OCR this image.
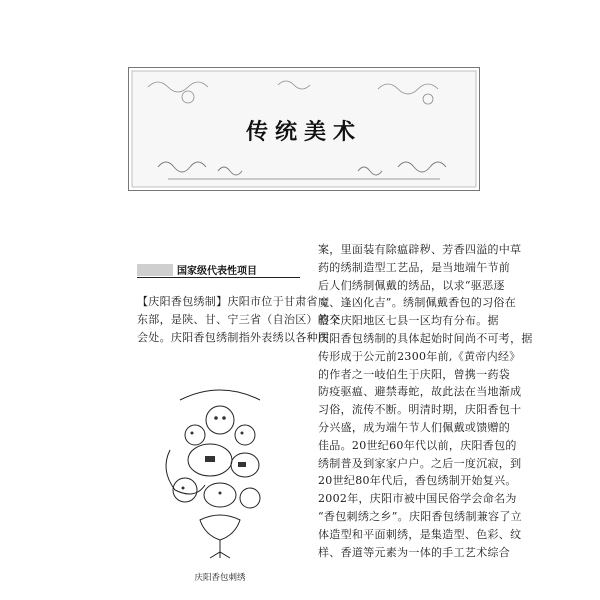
传统美术
国家级代表性项目
【庆阳香包绣制】庆阳市位于甘肃省
东部，是陕、甘、宁三省（自治区）的交
会处。庆阳香包绣制指外表绣以各种图
庆阳香包刺绣
案，里面装有除瘟辟秽、芳香四溢的中草
药的绣制造型工艺品，是当地端午节前
后人们绣制佩戴的绣品，以求“驱恶逐
魔、逢凶化吉”。绣制佩戴香包的习俗在
整个庆阳地区七县一区均有分布。据
庆阳香包绣制的具体起始时间尚不可考，据
传形成于公元前2300年前,《黄帝内经》
的作者之一岐伯生于庆阳，曾携一药袋
防疫驱瘟、避禁毒蛇，故此法在当地渐成
习俗，流传不断。明清时期，庆阳香包十
分兴盛，成为端午节人们佩戴或馈赠的
佳品。20世纪60年代以前，庆阳香包的
绣制普及到家家户户。之后一度沉寂，到
20世纪80年代后，香包绣制开始复兴。
2002年，庆阳市被中国民俗学会命名为
“香包刺绣之乡”。庆阳香包绣制兼容了立
体造型和平面刺绣，是集造型、色彩、纹
样、香道等元素为一体的手工艺术综合
